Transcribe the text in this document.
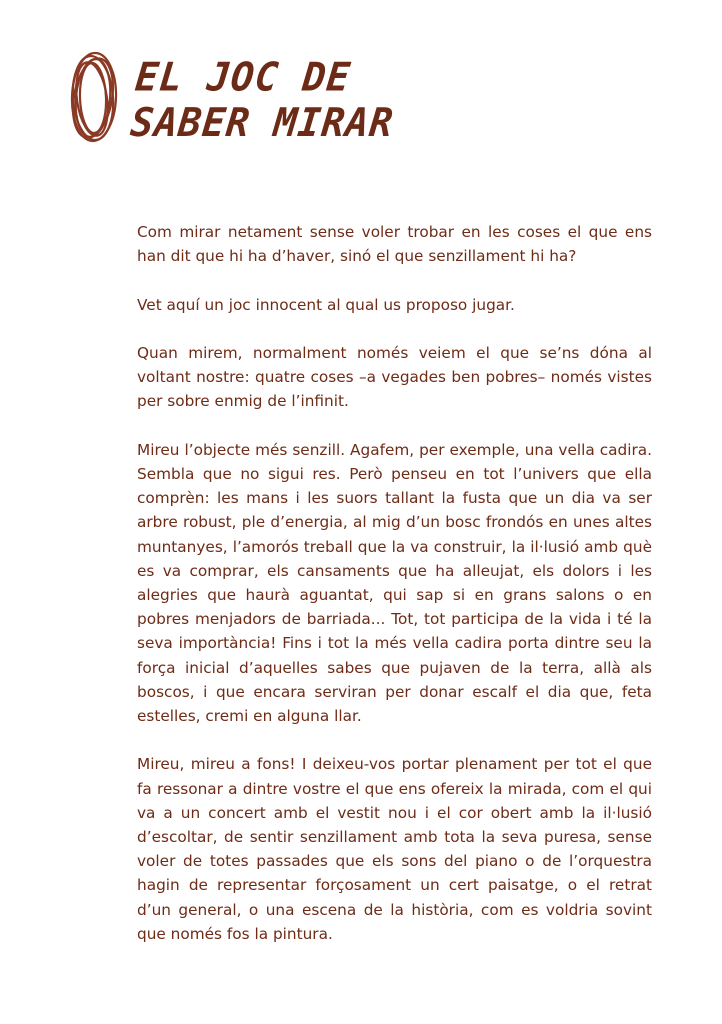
EL JOC DE
SABER MIRAR

Com mirar netament sense voler trobar en les coses el que ens han dit que hi ha d’haver, sinó el que senzillament hi ha?

Vet aquí un joc innocent al qual us proposo jugar.

Quan mirem, normalment només veiem el que se’ns dóna al voltant nostre: quatre coses –a vegades ben pobres– només vistes per sobre enmig de l’infinit.

Mireu l’objecte més senzill. Agafem, per exemple, una vella cadira. Sembla que no sigui res. Però penseu en tot l’univers que ella comprèn: les mans i les suors tallant la fusta que un dia va ser arbre robust, ple d’energia, al mig d’un bosc frondós en unes altes muntanyes, l’amorós treball que la va construir, la il·lusió amb què es va comprar, els cansaments que ha alleujat, els dolors i les alegries que haurà aguantat, qui sap si en grans salons o en pobres menjadors de barriada... Tot, tot participa de la vida i té la seva importància! Fins i tot la més vella cadira porta dintre seu la força inicial d’aquelles sabes que pujaven de la terra, allà als boscos, i que encara serviran per donar escalf el dia que, feta estelles, cremi en alguna llar.

Mireu, mireu a fons! I deixeu-vos portar plenament per tot el que fa ressonar a dintre vostre el que ens ofereix la mirada, com el qui va a un concert amb el vestit nou i el cor obert amb la il·lusió d’escoltar, de sentir senzillament amb tota la seva puresa, sense voler de totes passades que els sons del piano o de l’orquestra hagin de representar forçosament un cert paisatge, o el retrat d’un general, o una escena de la història, com es voldria sovint que només fos la pintura.
